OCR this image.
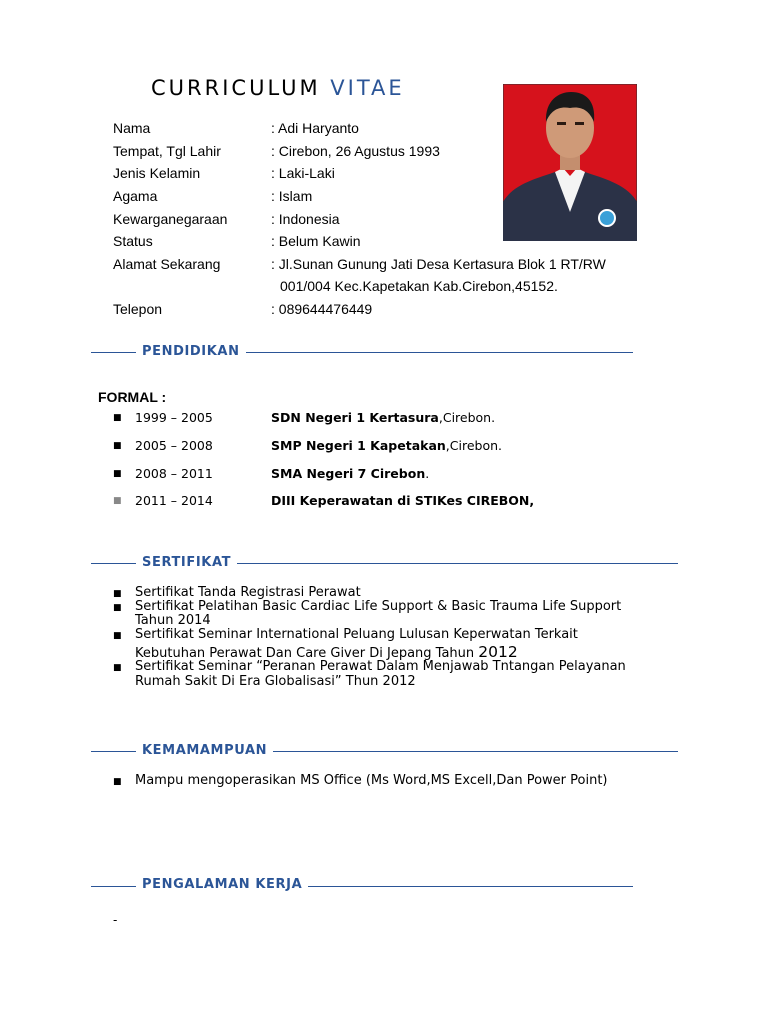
CURRICULUM VITAE
Nama	: Adi Haryanto
Tempat, Tgl Lahir	: Cirebon, 26 Agustus 1993
Jenis Kelamin	: Laki-Laki
Agama	: Islam
Kewarganegaraan	: Indonesia
Status	: Belum Kawin
Alamat Sekarang	: Jl.Sunan Gunung Jati Desa Kertasura Blok 1 RT/RW
001/004 Kec.Kapetakan Kab.Cirebon,45152.
Telepon	: 089644476449
PENDIDIKAN
FORMAL :
■ 1999 – 2005	SDN Negeri 1 Kertasura,Cirebon.
■ 2005 – 2008	SMP Negeri 1 Kapetakan,Cirebon.
■ 2008 – 2011	SMA Negeri 7 Cirebon.
■ 2011 – 2014	DIII Keperawatan di STIKes CIREBON,
SERTIFIKAT
■ Sertifikat Tanda Registrasi Perawat
■ Sertifikat Pelatihan Basic Cardiac Life Support & Basic Trauma Life Support
Tahun 2014
■ Sertifikat Seminar International Peluang Lulusan Keperwatan Terkait
Kebutuhan Perawat Dan Care Giver Di Jepang Tahun 2012
■ Sertifikat Seminar “Peranan Perawat Dalam Menjawab Tntangan Pelayanan
Rumah Sakit Di Era Globalisasi” Thun 2012
KEMAMAMPUAN
■ Mampu mengoperasikan MS Office (Ms Word,MS Excell,Dan Power Point)
PENGALAMAN KERJA
-
